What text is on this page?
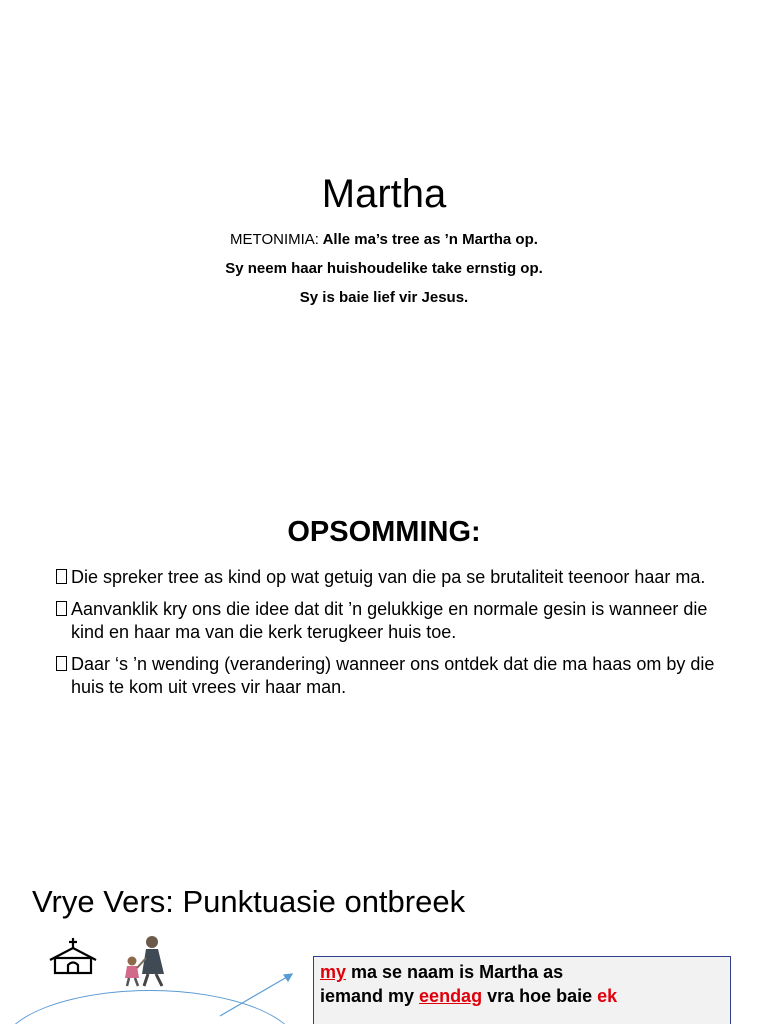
Martha
METONIMIA: Alle ma’s tree as ’n Martha op.
Sy neem haar huishoudelike take ernstig op.
Sy is baie lief vir Jesus.
OPSOMMING:
Die spreker tree as kind op wat getuig van die pa se brutaliteit teenoor haar ma.
Aanvanklik kry ons die idee dat dit ’n gelukkige en normale gesin is wanneer die kind en haar ma van die kerk terugkeer huis toe.
Daar ‘s ’n wending (verandering) wanneer ons ontdek dat die ma haas om by die huis te kom uit vrees vir haar man.
Vrye Vers: Punktuasie ontbreek
my ma se naam is Martha as
iemand my eendag vra hoe baie ek
